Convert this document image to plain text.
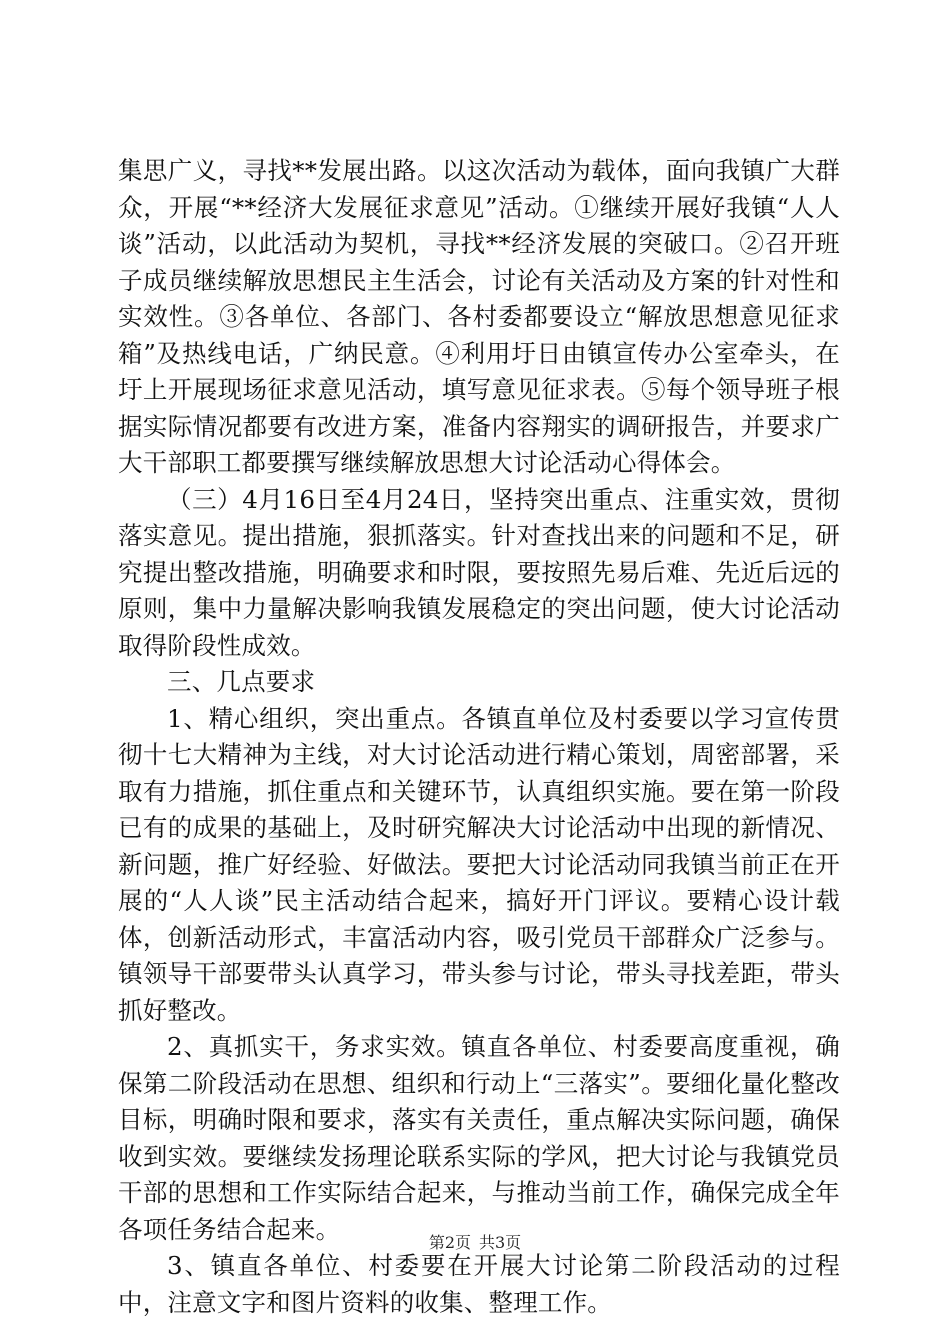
集思广义，寻找**发展出路。以这次活动为载体，面向我镇广大群众，开展“**经济大发展征求意见”活动。①继续开展好我镇“人人谈”活动，以此活动为契机，寻找**经济发展的突破口。②召开班子成员继续解放思想民主生活会，讨论有关活动及方案的针对性和实效性。③各单位、各部门、各村委都要设立“解放思想意见征求箱”及热线电话，广纳民意。④利用圩日由镇宣传办公室牵头，在圩上开展现场征求意见活动，填写意见征求表。⑤每个领导班子根据实际情况都要有改进方案，准备内容翔实的调研报告，并要求广大干部职工都要撰写继续解放思想大讨论活动心得体会。

（三）4月16日至4月24日，坚持突出重点、注重实效，贯彻落实意见。提出措施，狠抓落实。针对查找出来的问题和不足，研究提出整改措施，明确要求和时限，要按照先易后难、先近后远的原则，集中力量解决影响我镇发展稳定的突出问题，使大讨论活动取得阶段性成效。

三、几点要求

1、精心组织，突出重点。各镇直单位及村委要以学习宣传贯彻十七大精神为主线，对大讨论活动进行精心策划，周密部署，采取有力措施，抓住重点和关键环节，认真组织实施。要在第一阶段已有的成果的基础上，及时研究解决大讨论活动中出现的新情况、新问题，推广好经验、好做法。要把大讨论活动同我镇当前正在开展的“人人谈”民主活动结合起来，搞好开门评议。要精心设计载体，创新活动形式，丰富活动内容，吸引党员干部群众广泛参与。镇领导干部要带头认真学习，带头参与讨论，带头寻找差距，带头抓好整改。

2、真抓实干，务求实效。镇直各单位、村委要高度重视，确保第二阶段活动在思想、组织和行动上“三落实”。要细化量化整改目标，明确时限和要求，落实有关责任，重点解决实际问题，确保收到实效。要继续发扬理论联系实际的学风，把大讨论与我镇党员干部的思想和工作实际结合起来，与推动当前工作，确保完成全年各项任务结合起来。

3、镇直各单位、村委要在开展大讨论第二阶段活动的过程中，注意文字和图片资料的收集、整理工作。

第2页 共3页
